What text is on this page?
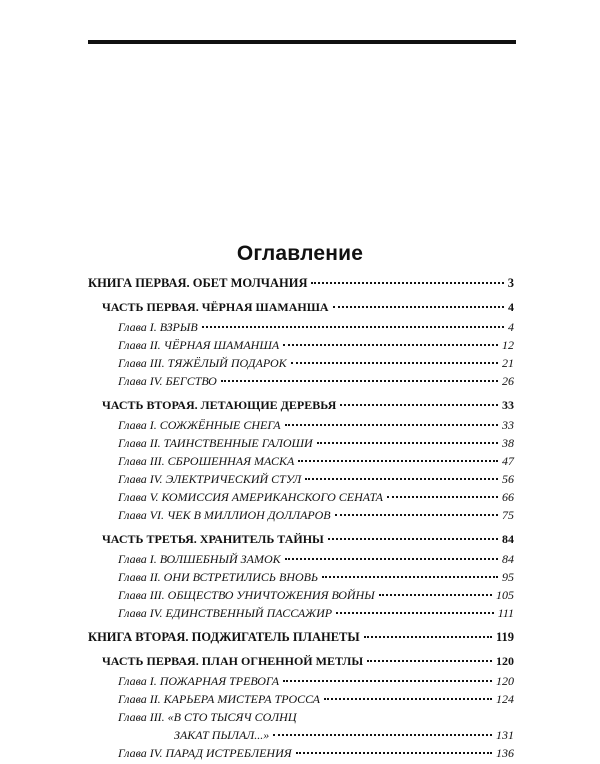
Оглавление
КНИГА ПЕРВАЯ. ОБЕТ МОЛЧАНИЯ	3
ЧАСТЬ ПЕРВАЯ. ЧЁРНАЯ ШАМАНША	4
Глава I. ВЗРЫВ	4
Глава II. ЧЁРНАЯ ШАМАНША	12
Глава III. ТЯЖЁЛЫЙ ПОДАРОК	21
Глава IV. БЕГСТВО	26
ЧАСТЬ ВТОРАЯ. ЛЕТАЮЩИЕ ДЕРЕВЬЯ	33
Глава I. СОЖЖЁННЫЕ СНЕГА	33
Глава II. ТАИНСТВЕННЫЕ ГАЛОШИ	38
Глава III. СБРОШЕННАЯ МАСКА	47
Глава IV. ЭЛЕКТРИЧЕСКИЙ СТУЛ	56
Глава V. КОМИССИЯ АМЕРИКАНСКОГО СЕНАТА	66
Глава VI. ЧЕК В МИЛЛИОН ДОЛЛАРОВ	75
ЧАСТЬ ТРЕТЬЯ. ХРАНИТЕЛЬ ТАЙНЫ	84
Глава I. ВОЛШЕБНЫЙ ЗАМОК	84
Глава II. ОНИ ВСТРЕТИЛИСЬ ВНОВЬ	95
Глава III. ОБЩЕСТВО УНИЧТОЖЕНИЯ ВОЙНЫ	105
Глава IV. ЕДИНСТВЕННЫЙ ПАССАЖИР	111
КНИГА ВТОРАЯ. ПОДЖИГАТЕЛЬ ПЛАНЕТЫ	119
ЧАСТЬ ПЕРВАЯ. ПЛАН ОГНЕННОЙ МЕТЛЫ	120
Глава I. ПОЖАРНАЯ ТРЕВОГА	120
Глава II. КАРЬЕРА МИСТЕРА ТРОССА	124
Глава III. «В СТО ТЫСЯЧ СОЛНЦ
ЗАКАТ ПЫЛАЛ...»	131
Глава IV. ПАРАД ИСТРЕБЛЕНИЯ	136
